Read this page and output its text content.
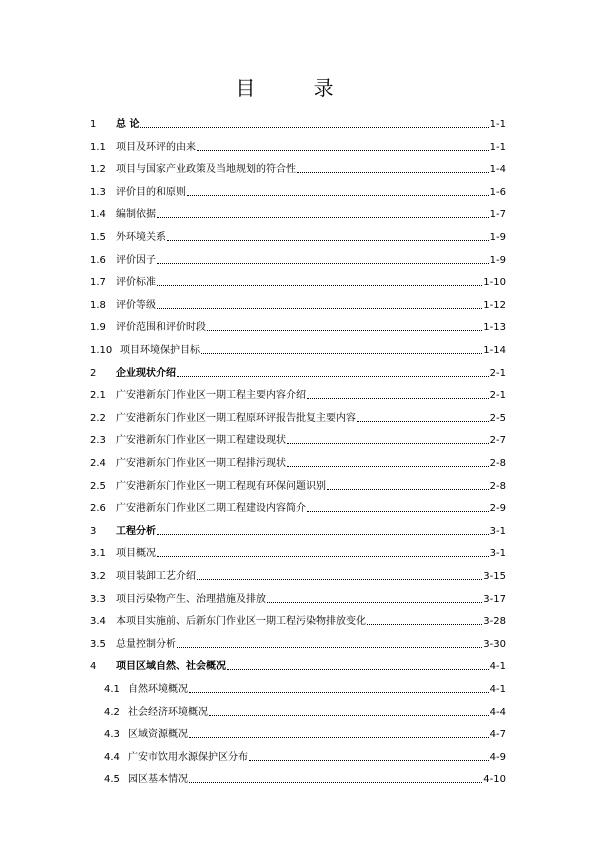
目 录
1	总 论	1-1
1.1	项目及环评的由来	1-1
1.2	项目与国家产业政策及当地规划的符合性	1-4
1.3	评价目的和原则	1-6
1.4	编制依据	1-7
1.5	外环境关系	1-9
1.6	评价因子	1-9
1.7	评价标准	1-10
1.8	评价等级	1-12
1.9	评价范围和评价时段	1-13
1.10 项目环境保护目标	1-14
2	企业现状介绍	2-1
2.1	广安港新东门作业区一期工程主要内容介绍	2-1
2.2	广安港新东门作业区一期工程原环评报告批复主要内容	2-5
2.3	广安港新东门作业区一期工程建设现状	2-7
2.4	广安港新东门作业区一期工程排污现状	2-8
2.5	广安港新东门作业区一期工程现有环保问题识别	2-8
2.6	广安港新东门作业区二期工程建设内容简介	2-9
3	工程分析	3-1
3.1	项目概况	3-1
3.2	项目装卸工艺介绍	3-15
3.3	项目污染物产生、治理措施及排放	3-17
3.4	本项目实施前、后新东门作业区一期工程污染物排放变化	3-28
3.5	总量控制分析	3-30
4	项目区域自然、社会概况	4-1
4.1 自然环境概况	4-1
4.2 社会经济环境概况	4-4
4.3 区域资源概况	4-7
4.4 广安市饮用水源保护区分布	4-9
4.5 园区基本情况	4-10
